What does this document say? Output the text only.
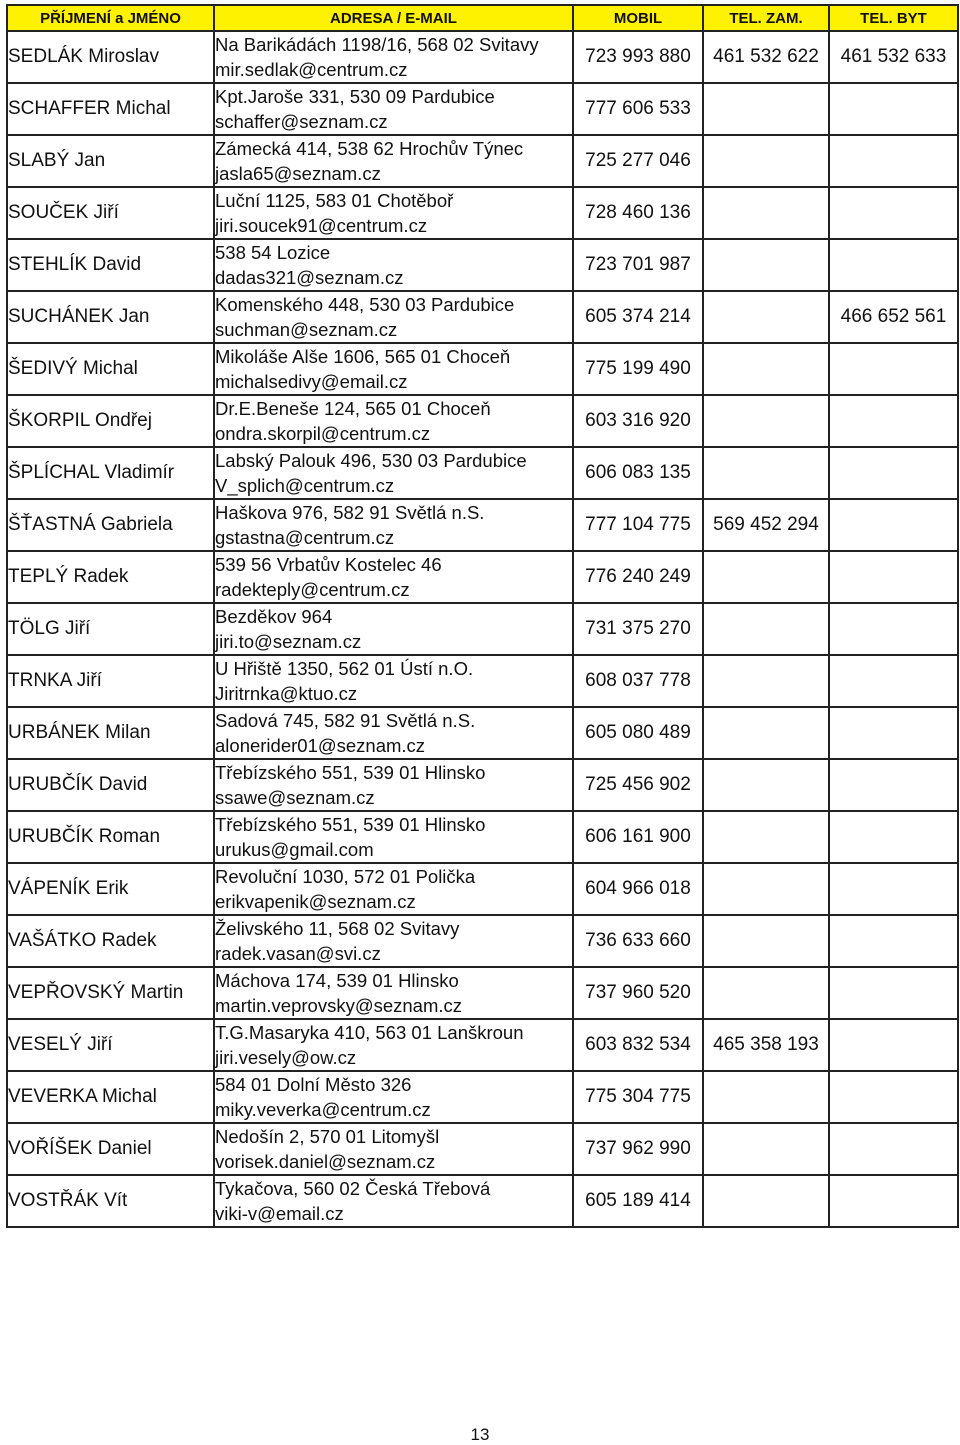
PŘÍJMENÍ a JMÉNO	ADRESA / E-MAIL	MOBIL	TEL. ZAM.	TEL. BYT
SEDLÁK Miroslav	Na Barikádách 1198/16, 568 02 Svitavy
mir.sedlak@centrum.cz	723 993 880	461 532 622	461 532 633
SCHAFFER Michal	Kpt.Jaroše 331, 530 09 Pardubice
schaffer@seznam.cz	777 606 533		
SLABÝ Jan	Zámecká 414, 538 62 Hrochův Týnec
jasla65@seznam.cz	725 277 046		
SOUČEK Jiří	Luční 1125, 583 01 Chotěboř
jiri.soucek91@centrum.cz	728 460 136		
STEHLÍK David	538 54 Lozice
dadas321@seznam.cz	723 701 987		
SUCHÁNEK Jan	Komenského 448, 530 03 Pardubice
suchman@seznam.cz	605 374 214		466 652 561
ŠEDIVÝ Michal	Mikoláše Alše 1606, 565 01 Choceň
michalsedivy@email.cz	775 199 490		
ŠKORPIL Ondřej	Dr.E.Beneše 124, 565 01 Choceň
ondra.skorpil@centrum.cz	603 316 920		
ŠPLÍCHAL Vladimír	Labský Palouk 496, 530 03 Pardubice
V_splich@centrum.cz	606 083 135		
ŠŤASTNÁ Gabriela	Haškova 976, 582 91 Světlá n.S.
gstastna@centrum.cz	777 104 775	569 452 294	
TEPLÝ Radek	539 56 Vrbatův Kostelec 46
radekteply@centrum.cz	776 240 249		
TÖLG Jiří	Bezděkov 964
jiri.to@seznam.cz	731 375 270		
TRNKA Jiří	U Hřiště 1350, 562 01 Ústí n.O.
Jiritrnka@ktuo.cz	608 037 778		
URBÁNEK Milan	Sadová 745, 582 91 Světlá n.S.
alonerider01@seznam.cz	605 080 489		
URUBČÍK David	Třebízského 551, 539 01 Hlinsko
ssawe@seznam.cz	725 456 902		
URUBČÍK Roman	Třebízského 551, 539 01 Hlinsko
urukus@gmail.com	606 161 900		
VÁPENÍK Erik	Revoluční 1030, 572 01 Polička
erikvapenik@seznam.cz	604 966 018		
VAŠÁTKO Radek	Želivského 11, 568 02 Svitavy
radek.vasan@svi.cz	736 633 660		
VEPŘOVSKÝ Martin	Máchova 174, 539 01 Hlinsko
martin.veprovsky@seznam.cz	737 960 520		
VESELÝ Jiří	T.G.Masaryka 410, 563 01 Lanškroun
jiri.vesely@ow.cz	603 832 534	465 358 193	
VEVERKA Michal	584 01 Dolní Město 326
miky.veverka@centrum.cz	775 304 775		
VOŘÍŠEK Daniel	Nedošín 2, 570 01 Litomyšl
vorisek.daniel@seznam.cz	737 962 990		
VOSTŘÁK Vít	Tykačova, 560 02 Česká Třebová
viki-v@email.cz	605 189 414		
13
